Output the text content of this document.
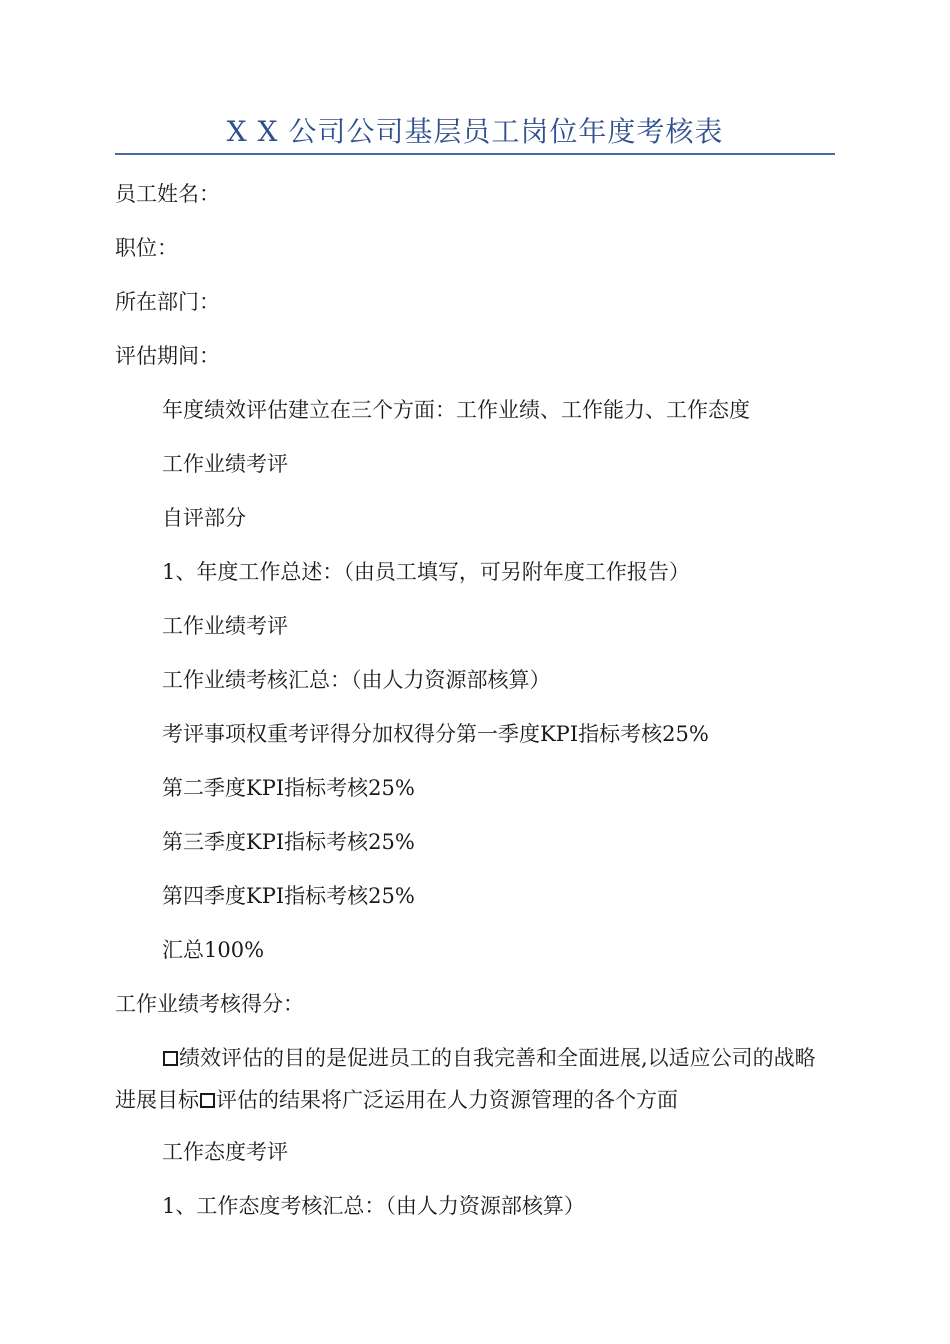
X X 公司公司基层员工岗位年度考核表
员工姓名：
职位：
所在部门：
评估期间：
年度绩效评估建立在三个方面：工作业绩、工作能力、工作态度
工作业绩考评
自评部分
1、年度工作总述：（由员工填写，可另附年度工作报告）
工作业绩考评
工作业绩考核汇总：（由人力资源部核算）
考评事项权重考评得分加权得分第一季度KPI指标考核25%
第二季度KPI指标考核25%
第三季度KPI指标考核25%
第四季度KPI指标考核25%
汇总100%
工作业绩考核得分：
绩效评估的目的是促进员工的自我完善和全面进展,以适应公司的战略进展目标 评估的结果将广泛运用在人力资源管理的各个方面
工作态度考评
1、工作态度考核汇总：（由人力资源部核算）
